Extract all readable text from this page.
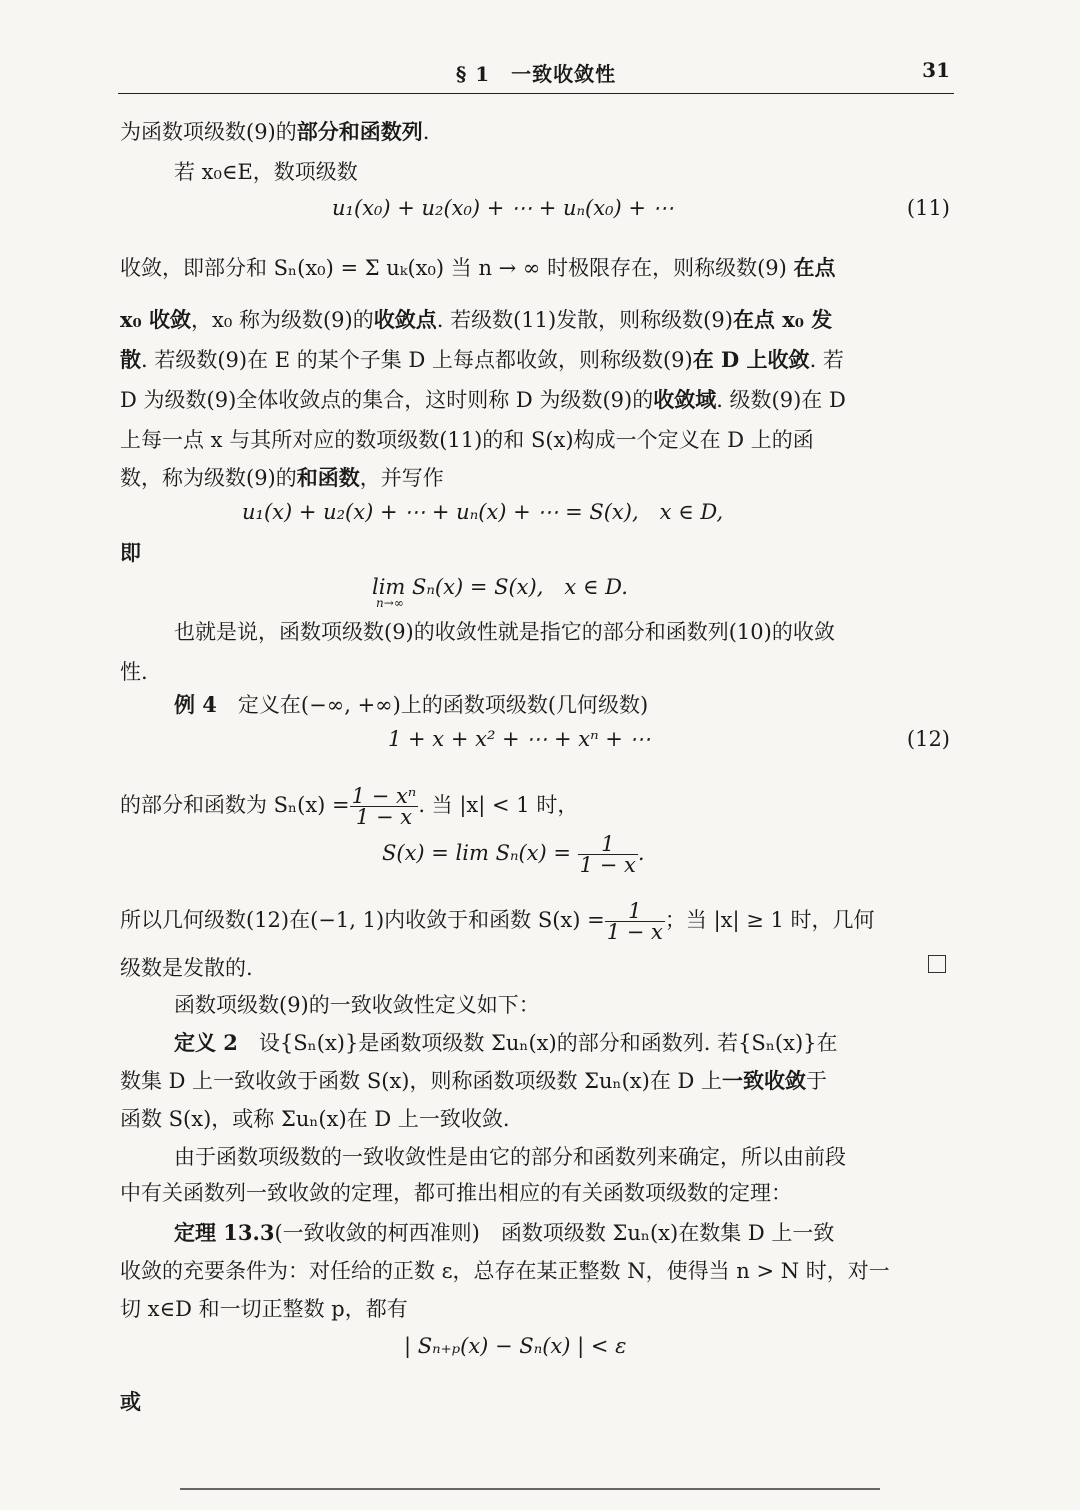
§ 1　一致收敛性	31
为函数项级数(9)的部分和函数列.
若 x₀∈E，数项级数
u₁(x₀) + u₂(x₀) + ⋯ + uₙ(x₀) + ⋯	(11)
收敛，即部分和 Sₙ(x₀) = Σ uₖ(x₀) 当 n → ∞ 时极限存在，则称级数(9) 在点
x₀ 收敛，x₀ 称为级数(9)的收敛点. 若级数(11)发散，则称级数(9)在点 x₀ 发
散. 若级数(9)在 E 的某个子集 D 上每点都收敛，则称级数(9)在 D 上收敛. 若
D 为级数(9)全体收敛点的集合，这时则称 D 为级数(9)的收敛域. 级数(9)在 D
上每一点 x 与其所对应的数项级数(11)的和 S(x)构成一个定义在 D 上的函
数，称为级数(9)的和函数，并写作
u₁(x) + u₂(x) + ⋯ + uₙ(x) + ⋯ = S(x),　x ∈ D,
即
lim Sₙ(x) = S(x),　x ∈ D.
n→∞
也就是说，函数项级数(9)的收敛性就是指它的部分和函数列(10)的收敛
性.
例 4　定义在(−∞, +∞)上的函数项级数(几何级数)
1 + x + x² + ⋯ + xⁿ + ⋯	(12)
的部分和函数为 $S_n(x) = \frac{\text{1 − xⁿ}}{1 - x}$ . 当 |x| < 1 时，
$S(x) = \lim S_n(x) = \frac{1}{1 - x}$ .
所以几何级数(12)在(−1, 1)内收敛于和函数 $S(x) = \frac{1}{1 - x}$ ；当 |x| ≥ 1 时，几何
级数是发散的.
函数项级数(9)的一致收敛性定义如下：
定义 2　设{Sₙ(x)}是函数项级数 Σuₙ(x)的部分和函数列. 若{Sₙ(x)}在
数集 D 上一致收敛于函数 S(x)，则称函数项级数 Σuₙ(x)在 D 上一致收敛于
函数 S(x)，或称 Σuₙ(x)在 D 上一致收敛.
由于函数项级数的一致收敛性是由它的部分和函数列来确定，所以由前段
中有关函数列一致收敛的定理，都可推出相应的有关函数项级数的定理：
定理 13.3(一致收敛的柯西准则)　函数项级数 Σuₙ(x)在数集 D 上一致
收敛的充要条件为：对任给的正数 ε，总存在某正整数 N，使得当 n > N 时，对一
切 x∈D 和一切正整数 p，都有
| Sₙ₊ₚ(x) − Sₙ(x) | < ε
或
